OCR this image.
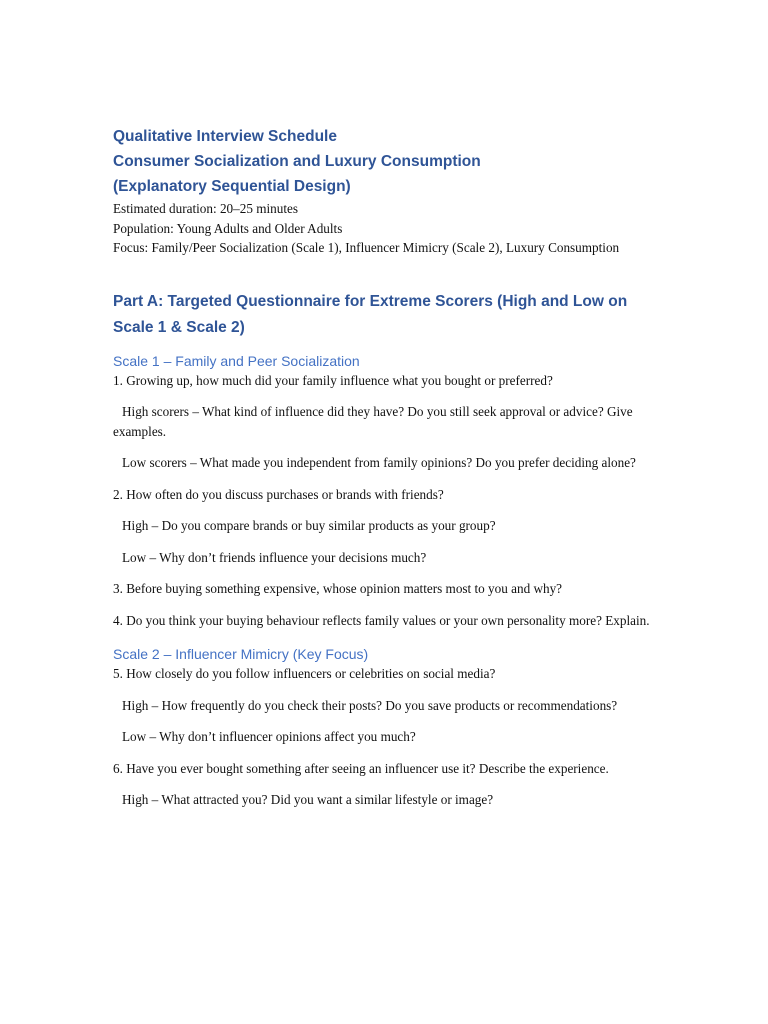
Qualitative Interview Schedule

Consumer Socialization and Luxury Consumption

(Explanatory Sequential Design)

Estimated duration: 20–25 minutes

Population: Young Adults and Older Adults

Focus: Family/Peer Socialization (Scale 1), Influencer Mimicry (Scale 2), Luxury Consumption

Part A: Targeted Questionnaire for Extreme Scorers (High and Low on Scale 1 & Scale 2)

Scale 1 – Family and Peer Socialization

1. Growing up, how much did your family influence what you bought or preferred?

High scorers – What kind of influence did they have? Do you still seek approval or advice? Give examples.

Low scorers – What made you independent from family opinions? Do you prefer deciding alone?

2. How often do you discuss purchases or brands with friends?

High – Do you compare brands or buy similar products as your group?

Low – Why don’t friends influence your decisions much?

3. Before buying something expensive, whose opinion matters most to you and why?

4. Do you think your buying behaviour reflects family values or your own personality more? Explain.

Scale 2 – Influencer Mimicry (Key Focus)

5. How closely do you follow influencers or celebrities on social media?

High – How frequently do you check their posts? Do you save products or recommendations?

Low – Why don’t influencer opinions affect you much?

6. Have you ever bought something after seeing an influencer use it? Describe the experience.

High – What attracted you? Did you want a similar lifestyle or image?
